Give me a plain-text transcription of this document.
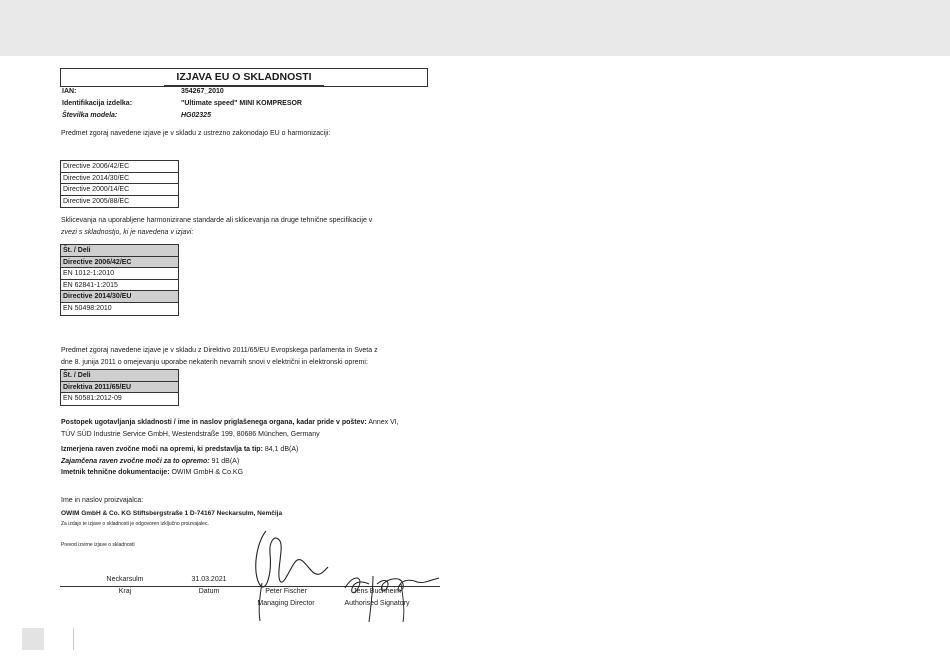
IZJAVA EU O SKLADNOSTI
IAN:	354267_2010
Identifikacija izdelka:	"Ultimate speed" MINI KOMPRESOR
Številka modela:	HG02325
Predmet zgoraj navedene izjave je v skladu z ustrezno zakonodajo EU o harmonizaciji:
Directive 2006/42/EC
Directive 2014/30/EC
Directive 2000/14/EC
Directive 2005/88/EC
Sklicevanja na uporabljene harmonizirane standarde ali sklicevanja na druge tehnične specifikacije v
zvezi s skladnostjo, ki je navedena v izjavi:
Št. / Deli
Directive 2006/42/EC
EN 1012-1:2010
EN 62841-1:2015
Directive 2014/30/EU
EN 50498:2010
Predmet zgoraj navedene izjave je v skladu z Direktivo 2011/65/EU Evropskega parlamenta in Sveta z
dne 8. junija 2011 o omejevanju uporabe nekaterih nevarnih snovi v električni in elektronski opremi:
Št. / Deli
Direktiva 2011/65/EU
EN 50581:2012-09
Postopek ugotavljanja skladnosti / ime in naslov priglašenega organa, kadar pride v poštev: Annex VI,
TÜV SÜD Industrie Service GmbH, Westendstraße 199, 80686 München, Germany
Izmerjena raven zvočne moči na opremi, ki predstavlja ta tip: 84,1 dB(A)
Zajamčena raven zvočne moči za to opremo: 91 dB(A)
Imetnik tehnične dokumentacije: OWIM GmbH & Co.KG
Ime in naslov proizvajalca:
OWIM GmbH & Co. KG Stiftsbergstraße 1 D-74167 Neckarsulm, Nemčija
Za izdajo te izjave o skladnosti je odgovoren izključno proizvajalec.
Prevod izvirne izjave o skladnosti
Neckarsulm	31.03.2021
Kraj	Datum	Peter Fischer
Managing Director
Jens Buchheim
Authorised Signatory
